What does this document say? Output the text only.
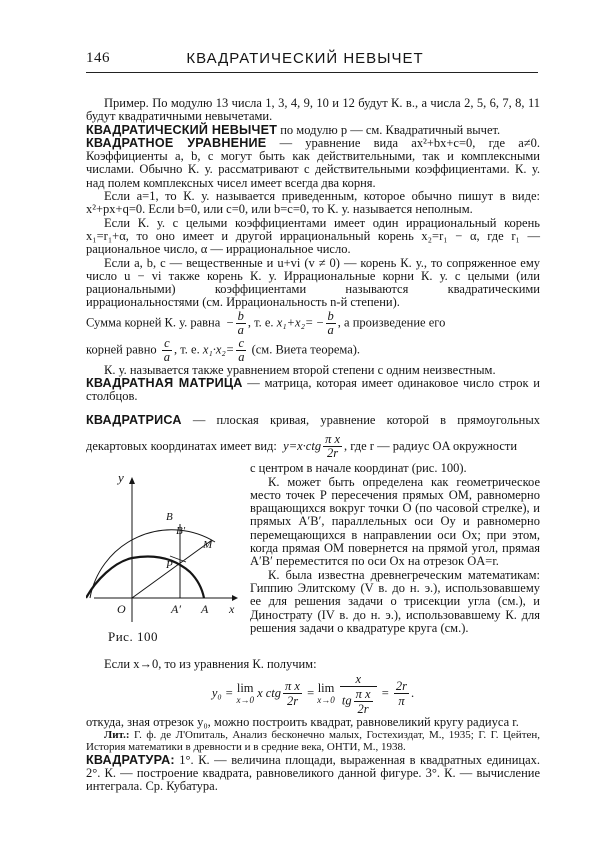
146	КВАДРАТИЧЕСКИЙ НЕВЫЧЕТ

Пример. По модулю 13 числа 1, 3, 4, 9, 10 и 12 будут К. в., а числа 2, 5, 6, 7, 8, 11 будут квадратичными невычетами.

КВАДРАТИЧЕСКИЙ НЕВЫЧЕТ по модулю p — см. Квадратичный вычет.

КВАДРАТНОЕ УРАВНЕНИЕ — уравнение вида ax²+bx+c=0, где a≠0. Коэффициенты a, b, c могут быть как действительными, так и комплексными числами. Обычно К. у. рассматривают с действительными коэффициентами. К. у. над полем комплексных чисел имеет всегда два корня.

Если a=1, то К. у. называется приведенным, которое обычно пишут в виде: x²+px+q=0. Если b=0, или c=0, или b=c=0, то К. у. называется неполным.

Если К. у. с целыми коэффициентами имеет один иррациональный корень x₁=r₁+α, то оно имеет и другой иррациональный корень x₂=r₁ − α, где r₁ — рациональное число, α — иррациональное число.

Если a, b, c — вещественные и u+vi (v ≠ 0) — корень К. у., то сопряженное ему число u − vi также корень К. у. Иррациональные корни К. у. с целыми (или рациональными) коэффициентами называются квадратическими иррациональностями (см. Иррациональность n-й степени).

Сумма корней К. у. равна  − $\frac{b}{a}$ , т. е. $x_1+x_2= - \frac{b}{a}$ , а произведение его

корней равно $\frac{c}{a}$ , т. е. $x_1\cdot x_2= \frac{c}{a} (см$. Виета теорема).

К. у. называется также уравнением второй степени с одним неизвестным.

КВАДРАТНАЯ МАТРИЦА — матрица, которая имеет одинаковое число строк и столбцов.

КВАДРАТРИСА — плоская кривая, уравнение которой в прямоугольных декартовых координатах имеет вид: $y=x\cdot ctg \frac{\text{π x}}{2r}$ , где r — радиус OA окружности

y
B
B′
M
P
O	A′ A x
Рис. 100

с центром в начале координат (рис. 100).

К. может быть определена как геометрическое место точек P пересечения прямых OM, равномерно вращающихся вокруг точки O (по часовой стрелке), и прямых A′B′, параллельных оси Oy и равномерно перемещающихся в направлении оси Ox; при этом, когда прямая OM повернется на прямой угол, прямая A′B′ переместится по оси Ox на отрезок OA=r.

К. была известна древнегреческим математикам: Гиппию Элитскому (V в. до н. э.), использовавшему ее для решения задачи о трисекции угла (см.), и Динострату (IV в. до н. э.), использовавшему К. для решения задачи о квадратуре круга (см.).

Если x→0, то из уравнения К. получим:

y₀ = lim
x→0
x ctg $\frac{\text{π x}}{2r} = \lim$
x→0

x
tg $\frac{\text{π x}}{2r} = \frac{2r}{\pi}$ .

откуда, зная отрезок y₀, можно построить квадрат, равновеликий кругу радиуса r.

Лит.: Г. ф. де Л'Опиталь, Анализ бесконечно малых, Гостехиздат, М., 1935; Г. Г. Цейтен, История математики в древности и в средние века, ОНТИ, М., 1938.

КВАДРАТУРА: 1°. К. — величина площади, выраженная в квадратных единицах. 2°. К. — построение квадрата, равновеликого данной фигуре. 3°. К. — вычисление интеграла. Ср. Кубатура.
